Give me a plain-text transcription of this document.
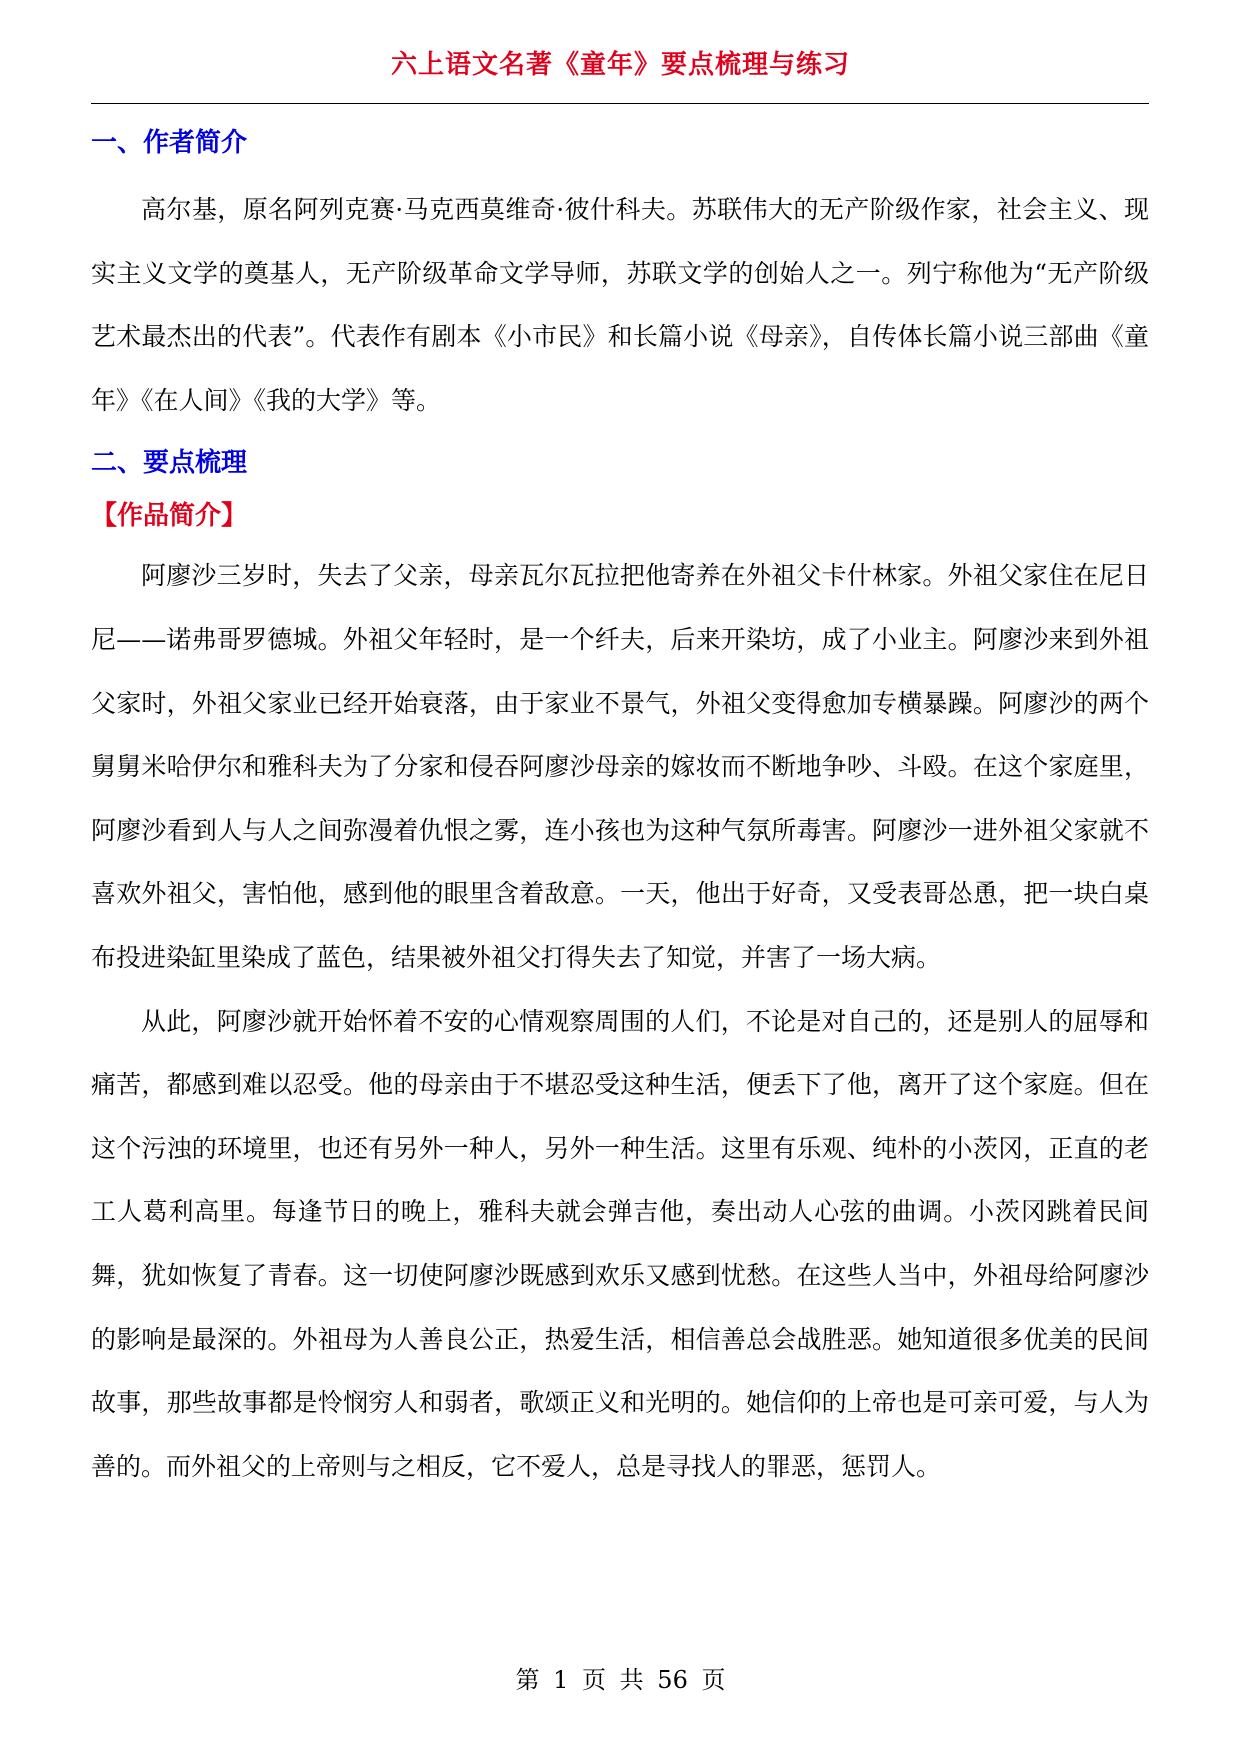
六上语文名著《童年》要点梳理与练习
一、作者简介

高尔基，原名阿列克赛·马克西莫维奇·彼什科夫。苏联伟大的无产阶级作家，社会主义、现实主义文学的奠基人，无产阶级革命文学导师，苏联文学的创始人之一。列宁称他为“无产阶级艺术最杰出的代表”。代表作有剧本《小市民》和长篇小说《母亲》，自传体长篇小说三部曲《童年》《在人间》《我的大学》等。

二、要点梳理
【作品简介】

阿廖沙三岁时，失去了父亲，母亲瓦尔瓦拉把他寄养在外祖父卡什林家。外祖父家住在尼日尼——诺弗哥罗德城。外祖父年轻时，是一个纤夫，后来开染坊，成了小业主。阿廖沙来到外祖父家时，外祖父家业已经开始衰落，由于家业不景气，外祖父变得愈加专横暴躁。阿廖沙的两个舅舅米哈伊尔和雅科夫为了分家和侵吞阿廖沙母亲的嫁妆而不断地争吵、斗殴。在这个家庭里，阿廖沙看到人与人之间弥漫着仇恨之雾，连小孩也为这种气氛所毒害。阿廖沙一进外祖父家就不喜欢外祖父，害怕他，感到他的眼里含着敌意。一天，他出于好奇，又受表哥怂恿，把一块白桌布投进染缸里染成了蓝色，结果被外祖父打得失去了知觉，并害了一场大病。

从此，阿廖沙就开始怀着不安的心情观察周围的人们，不论是对自己的，还是别人的屈辱和痛苦，都感到难以忍受。他的母亲由于不堪忍受这种生活，便丢下了他，离开了这个家庭。但在这个污浊的环境里，也还有另外一种人，另外一种生活。这里有乐观、纯朴的小茨冈，正直的老工人葛利高里。每逢节日的晚上，雅科夫就会弹吉他，奏出动人心弦的曲调。小茨冈跳着民间舞，犹如恢复了青春。这一切使阿廖沙既感到欢乐又感到忧愁。在这些人当中，外祖母给阿廖沙的影响是最深的。外祖母为人善良公正，热爱生活，相信善总会战胜恶。她知道很多优美的民间故事，那些故事都是怜悯穷人和弱者，歌颂正义和光明的。她信仰的上帝也是可亲可爱，与人为善的。而外祖父的上帝则与之相反，它不爱人，总是寻找人的罪恶，惩罚人。

第 1 页 共 56 页
